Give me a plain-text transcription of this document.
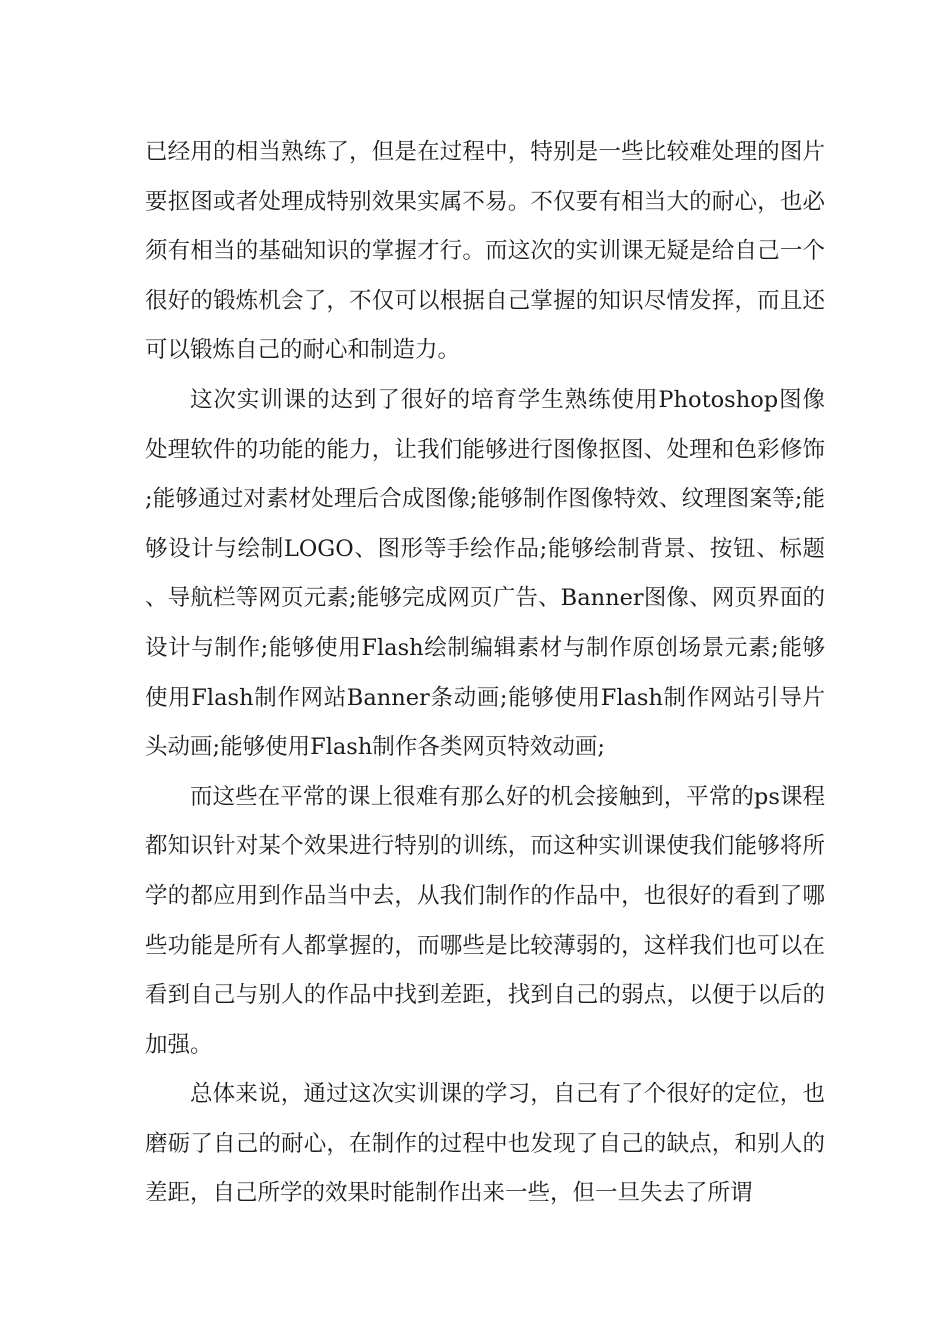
已经用的相当熟练了，但是在过程中，特别是一些比较难处理的图片要抠图或者处理成特别效果实属不易。不仅要有相当大的耐心，也必须有相当的基础知识的掌握才行。而这次的实训课无疑是给自己一个很好的锻炼机会了，不仅可以根据自己掌握的知识尽情发挥，而且还可以锻炼自己的耐心和制造力。

这次实训课的达到了很好的培育学生熟练使用Photoshop图像处理软件的功能的能力，让我们能够进行图像抠图、处理和色彩修饰;能够通过对素材处理后合成图像;能够制作图像特效、纹理图案等;能够设计与绘制LOGO、图形等手绘作品;能够绘制背景、按钮、标题、导航栏等网页元素;能够完成网页广告、Banner图像、网页界面的设计与制作;能够使用Flash绘制编辑素材与制作原创场景元素;能够使用Flash制作网站Banner条动画;能够使用Flash制作网站引导片头动画;能够使用Flash制作各类网页特效动画;

而这些在平常的课上很难有那么好的机会接触到，平常的ps课程都知识针对某个效果进行特别的训练，而这种实训课使我们能够将所学的都应用到作品当中去，从我们制作的作品中，也很好的看到了哪些功能是所有人都掌握的，而哪些是比较薄弱的，这样我们也可以在看到自己与别人的作品中找到差距，找到自己的弱点，以便于以后的加强。

总体来说，通过这次实训课的学习，自己有了个很好的定位，也磨砺了自己的耐心，在制作的过程中也发现了自己的缺点，和别人的差距，自己所学的效果时能制作出来一些，但一旦失去了所谓
